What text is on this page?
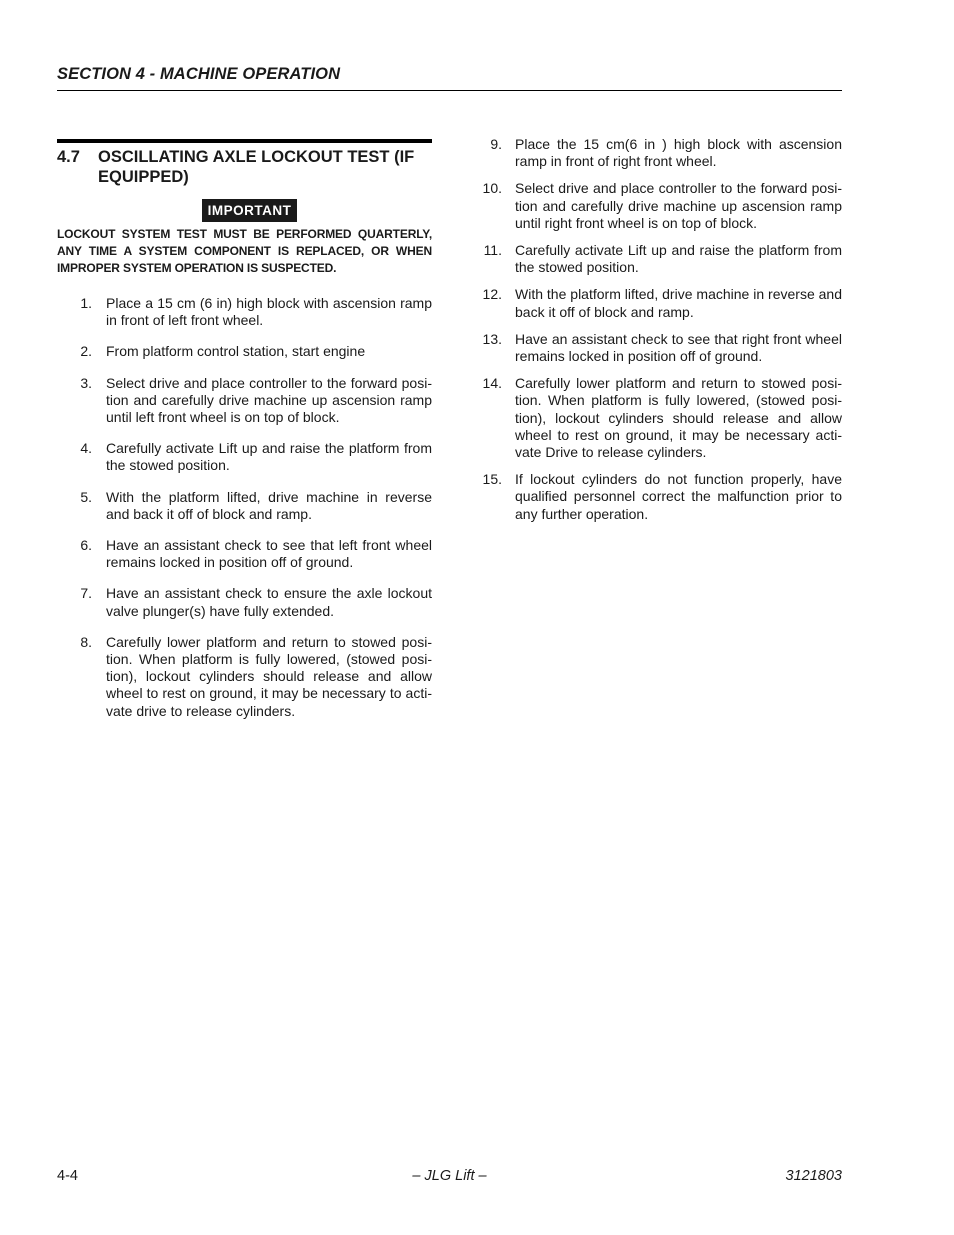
SECTION 4 - MACHINE OPERATION
4.7	OSCILLATING AXLE LOCKOUT TEST (IF EQUIPPED)
IMPORTANT
LOCKOUT SYSTEM TEST MUST BE PERFORMED QUARTERLY, ANY TIME A SYSTEM COMPONENT IS REPLACED, OR WHEN IMPROPER SYSTEM OPERATION IS SUSPECTED.
1. Place a 15 cm (6 in) high block with ascension ramp in front of left front wheel.
2. From platform control station, start engine
3. Select drive and place controller to the forward posi-tion and carefully drive machine up ascension ramp until left front wheel is on top of block.
4. Carefully activate Lift up and raise the platform from the stowed position.
5. With the platform lifted, drive machine in reverse and back it off of block and ramp.
6. Have an assistant check to see that left front wheel remains locked in position off of ground.
7. Have an assistant check to ensure the axle lockout valve plunger(s) have fully extended.
8. Carefully lower platform and return to stowed posi-tion. When platform is fully lowered, (stowed posi-tion), lockout cylinders should release and allow wheel to rest on ground, it may be necessary to acti-vate drive to release cylinders.
9. Place the 15 cm(6 in ) high block with ascension ramp in front of right front wheel.
10. Select drive and place controller to the forward posi-tion and carefully drive machine up ascension ramp until right front wheel is on top of block.
11. Carefully activate Lift up and raise the platform from the stowed position.
12. With the platform lifted, drive machine in reverse and back it off of block and ramp.
13. Have an assistant check to see that right front wheel remains locked in position off of ground.
14. Carefully lower platform and return to stowed posi-tion. When platform is fully lowered, (stowed posi-tion), lockout cylinders should release and allow wheel to rest on ground, it may be necessary acti-vate Drive to release cylinders.
15. If lockout cylinders do not function properly, have qualified personnel correct the malfunction prior to any further operation.
4-4	– JLG Lift –	3121803
